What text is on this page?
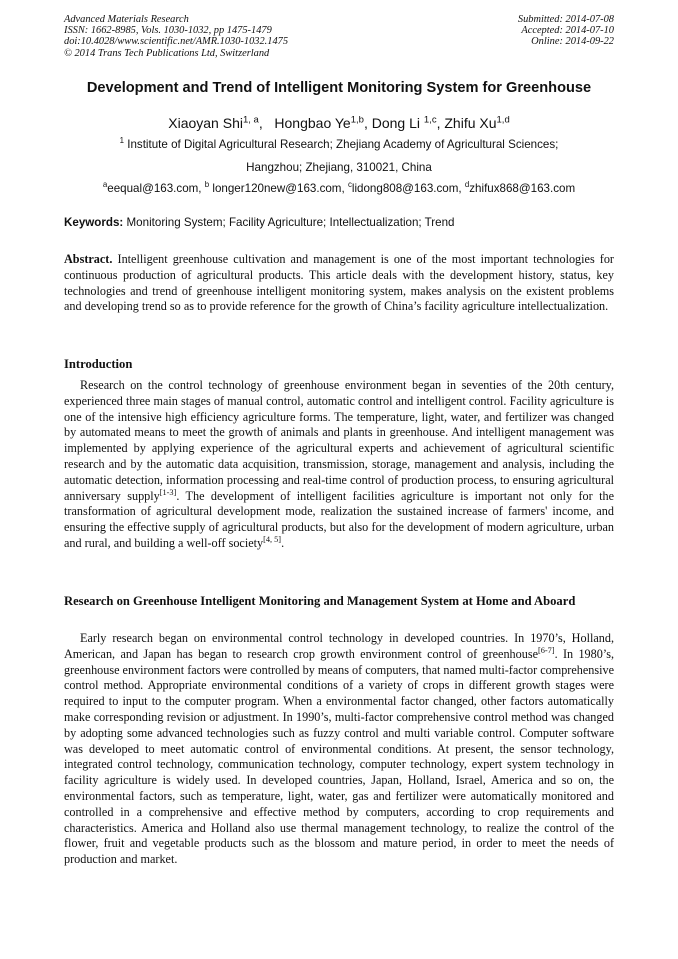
Advanced Materials Research
ISSN: 1662-8985, Vols. 1030-1032, pp 1475-1479
doi:10.4028/www.scientific.net/AMR.1030-1032.1475
© 2014 Trans Tech Publications Ltd, Switzerland
Submitted: 2014-07-08
Accepted: 2014-07-10
Online: 2014-09-22
Development and Trend of Intelligent Monitoring System for Greenhouse
Xiaoyan Shi$^{1, a}$,   Hongbao Ye$^{1,b}$, Dong Li $^{1,c}$, Zhifu Xu$^{1,d}$
$^1$ Institute of Digital Agricultural Research; Zhejiang Academy of Agricultural Sciences;
Hangzhou; Zhejiang, 310021, China
$^a$eequal@163.com, $^b$ longer120new@163.com, $^c$lidong808@163.com, $^d$zhifux868@163.com
Keywords: Monitoring System; Facility Agriculture; Intellectualization; Trend
Abstract. Intelligent greenhouse cultivation and management is one of the most important technologies for continuous production of agricultural products. This article deals with the development history, status, key technologies and trend of greenhouse intelligent monitoring system, makes analysis on the existent problems and developing trend so as to provide reference for the growth of China’s facility agriculture intellectualization.
Introduction
Research on the control technology of greenhouse environment began in seventies of the 20th century, experienced three main stages of manual control, automatic control and intelligent control. Facility agriculture is one of the intensive high efficiency agriculture forms. The temperature, light, water, and fertilizer was changed by automated means to meet the growth of animals and plants in greenhouse. And intelligent management was implemented by applying experience of the agricultural experts and achievement of agricultural scientific research and by the automatic data acquisition, transmission, storage, management and analysis, including the automatic detection, information processing and real-time control of production process, to ensuring agricultural anniversary supply[1-3]. The development of intelligent facilities agriculture is important not only for the transformation of agricultural development mode, realization the sustained increase of farmers' income, and ensuring the effective supply of agricultural products, but also for the development of modern agriculture, urban and rural, and building a well-off society[4, 5].
Research on Greenhouse Intelligent Monitoring and Management System at Home and Aboard
Early research began on environmental control technology in developed countries. In 1970’s, Holland, American, and Japan has began to research crop growth environment control of greenhouse[6-7]. In 1980’s, greenhouse environment factors were controlled by means of computers, that named multi-factor comprehensive control method. Appropriate environmental conditions of a variety of crops in different growth stages were required to input to the computer program. When a environmental factor changed, other factors automatically make corresponding revision or adjustment. In 1990’s, multi-factor comprehensive control method was changed by adopting some advanced technologies such as fuzzy control and multi variable control. Computer software was developed to meet automatic control of environmental conditions. At present, the sensor technology, integrated control technology, communication technology, computer technology, expert system technology in facility agriculture is widely used. In developed countries, Japan, Holland, Israel, America and so on, the environmental factors, such as temperature, light, water, gas and fertilizer were automatically monitored and controlled in a comprehensive and effective method by computers, according to crop requirements and characteristics. America and Holland also use thermal management technology, to realize the control of the flower, fruit and vegetable products such as the blossom and mature period, in order to meet the needs of production and market.
